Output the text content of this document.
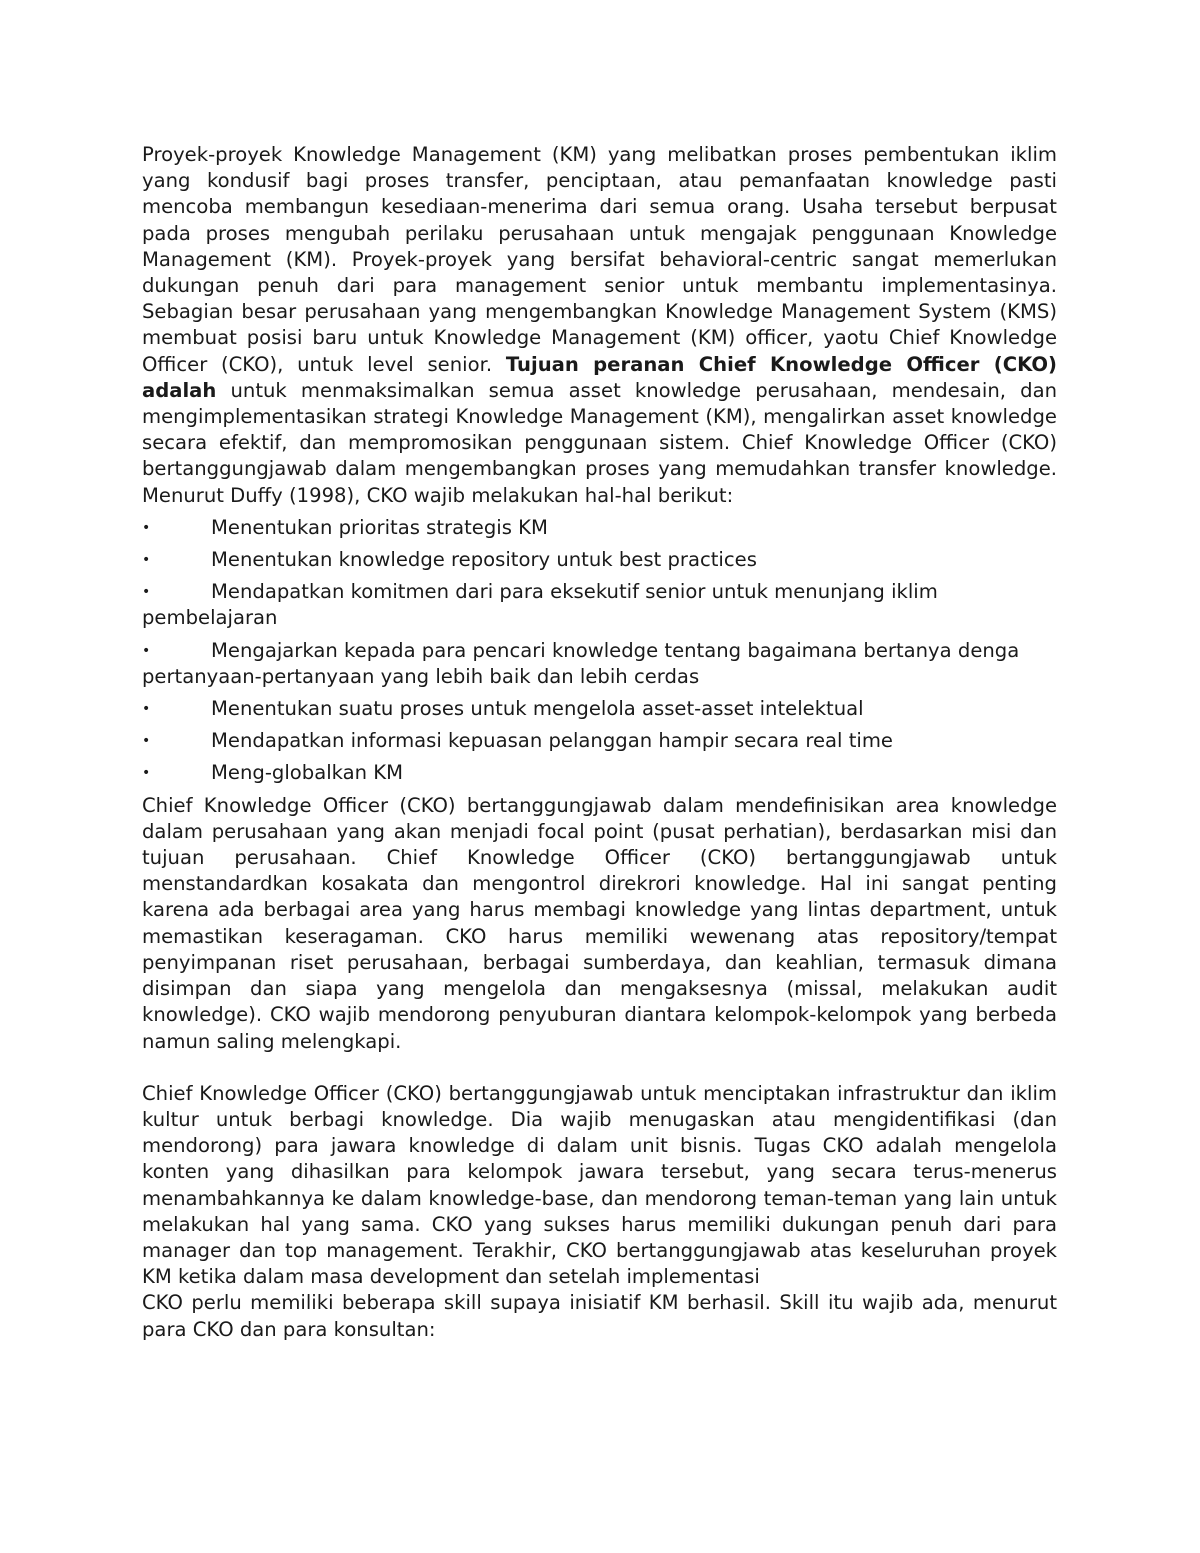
Proyek-proyek Knowledge Management (KM) yang melibatkan proses pembentukan iklim yang kondusif bagi proses transfer, penciptaan, atau pemanfaatan knowledge pasti mencoba membangun kesediaan-menerima dari semua orang. Usaha tersebut berpusat pada proses mengubah perilaku perusahaan untuk mengajak penggunaan Knowledge Management (KM). Proyek-proyek yang bersifat behavioral-centric sangat memerlukan dukungan penuh dari para management senior untuk membantu implementasinya. Sebagian besar perusahaan yang mengembangkan Knowledge Management System (KMS) membuat posisi baru untuk Knowledge Management (KM) officer, yaotu Chief Knowledge Officer (CKO), untuk level senior. Tujuan peranan Chief Knowledge Officer (CKO) adalah untuk menmaksimalkan semua asset knowledge perusahaan, mendesain, dan mengimplementasikan strategi Knowledge Management (KM), mengalirkan asset knowledge secara efektif, dan mempromosikan penggunaan sistem. Chief Knowledge Officer (CKO) bertanggungjawab dalam mengembangkan proses yang memudahkan transfer knowledge.

Menurut Duffy (1998), CKO wajib melakukan hal-hal berikut:

•	Menentukan prioritas strategis KM
•	Menentukan knowledge repository untuk best practices
•	Mendapatkan komitmen dari para eksekutif senior untuk menunjang iklim pembelajaran
•	Mengajarkan kepada para pencari knowledge tentang bagaimana bertanya denga pertanyaan-pertanyaan yang lebih baik dan lebih cerdas
•	Menentukan suatu proses untuk mengelola asset-asset intelektual
•	Mendapatkan informasi kepuasan pelanggan hampir secara real time
•	Meng-globalkan KM

Chief Knowledge Officer (CKO) bertanggungjawab dalam mendefinisikan area knowledge dalam perusahaan yang akan menjadi focal point (pusat perhatian), berdasarkan misi dan tujuan perusahaan. Chief Knowledge Officer (CKO) bertanggungjawab untuk menstandardkan kosakata dan mengontrol direkrori knowledge. Hal ini sangat penting karena ada berbagai area yang harus membagi knowledge yang lintas department, untuk memastikan keseragaman. CKO harus memiliki wewenang atas repository/tempat penyimpanan riset perusahaan, berbagai sumberdaya, dan keahlian, termasuk dimana disimpan dan siapa yang mengelola dan mengaksesnya (missal, melakukan audit knowledge). CKO wajib mendorong penyuburan diantara kelompok-kelompok yang berbeda namun saling melengkapi.

Chief Knowledge Officer (CKO) bertanggungjawab untuk menciptakan infrastruktur dan iklim kultur untuk berbagi knowledge. Dia wajib menugaskan atau mengidentifikasi (dan mendorong) para jawara knowledge di dalam unit bisnis. Tugas CKO adalah mengelola konten yang dihasilkan para kelompok jawara tersebut, yang secara terus-menerus menambahkannya ke dalam knowledge-base, dan mendorong teman-teman yang lain untuk melakukan hal yang sama. CKO yang sukses harus memiliki dukungan penuh dari para manager dan top management. Terakhir, CKO bertanggungjawab atas keseluruhan proyek KM ketika dalam masa development dan setelah implementasi

CKO perlu memiliki beberapa skill supaya inisiatif KM berhasil. Skill itu wajib ada, menurut para CKO dan para konsultan:
